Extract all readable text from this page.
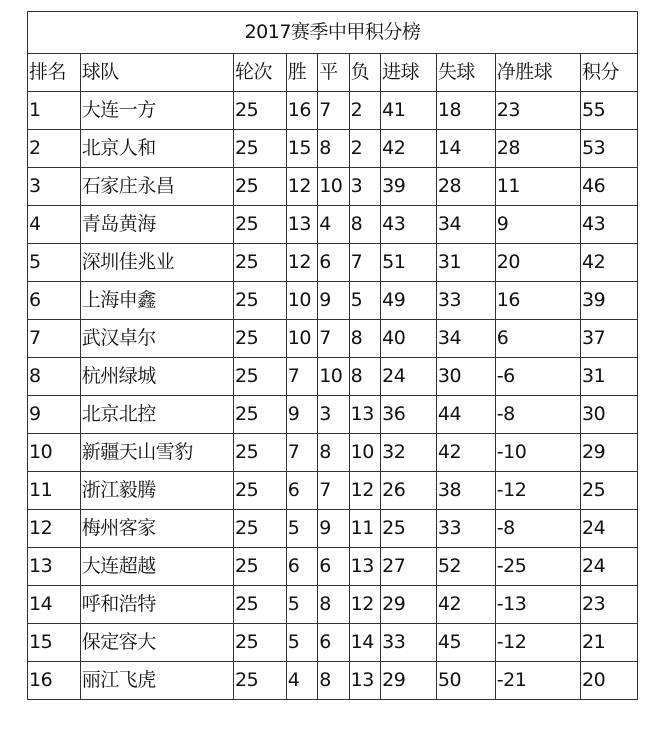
2017赛季中甲积分榜									
排名	球队	轮次	胜	平	负	进球	失球	净胜球	积分
1	大连一方	25	16	7	2	41	18	23	55
2	北京人和	25	15	8	2	42	14	28	53
3	石家庄永昌	25	12	10	3	39	28	11	46
4	青岛黄海	25	13	4	8	43	34	9	43
5	深圳佳兆业	25	12	6	7	51	31	20	42
6	上海申鑫	25	10	9	5	49	33	16	39
7	武汉卓尔	25	10	7	8	40	34	6	37
8	杭州绿城	25	7	10	8	24	30	-6	31
9	北京北控	25	9	3	13	36	44	-8	30
10	新疆天山雪豹	25	7	8	10	32	42	-10	29
11	浙江毅腾	25	6	7	12	26	38	-12	25
12	梅州客家	25	5	9	11	25	33	-8	24
13	大连超越	25	6	6	13	27	52	-25	24
14	呼和浩特	25	5	8	12	29	42	-13	23
15	保定容大	25	5	6	14	33	45	-12	21
16	丽江飞虎	25	4	8	13	29	50	-21	20
